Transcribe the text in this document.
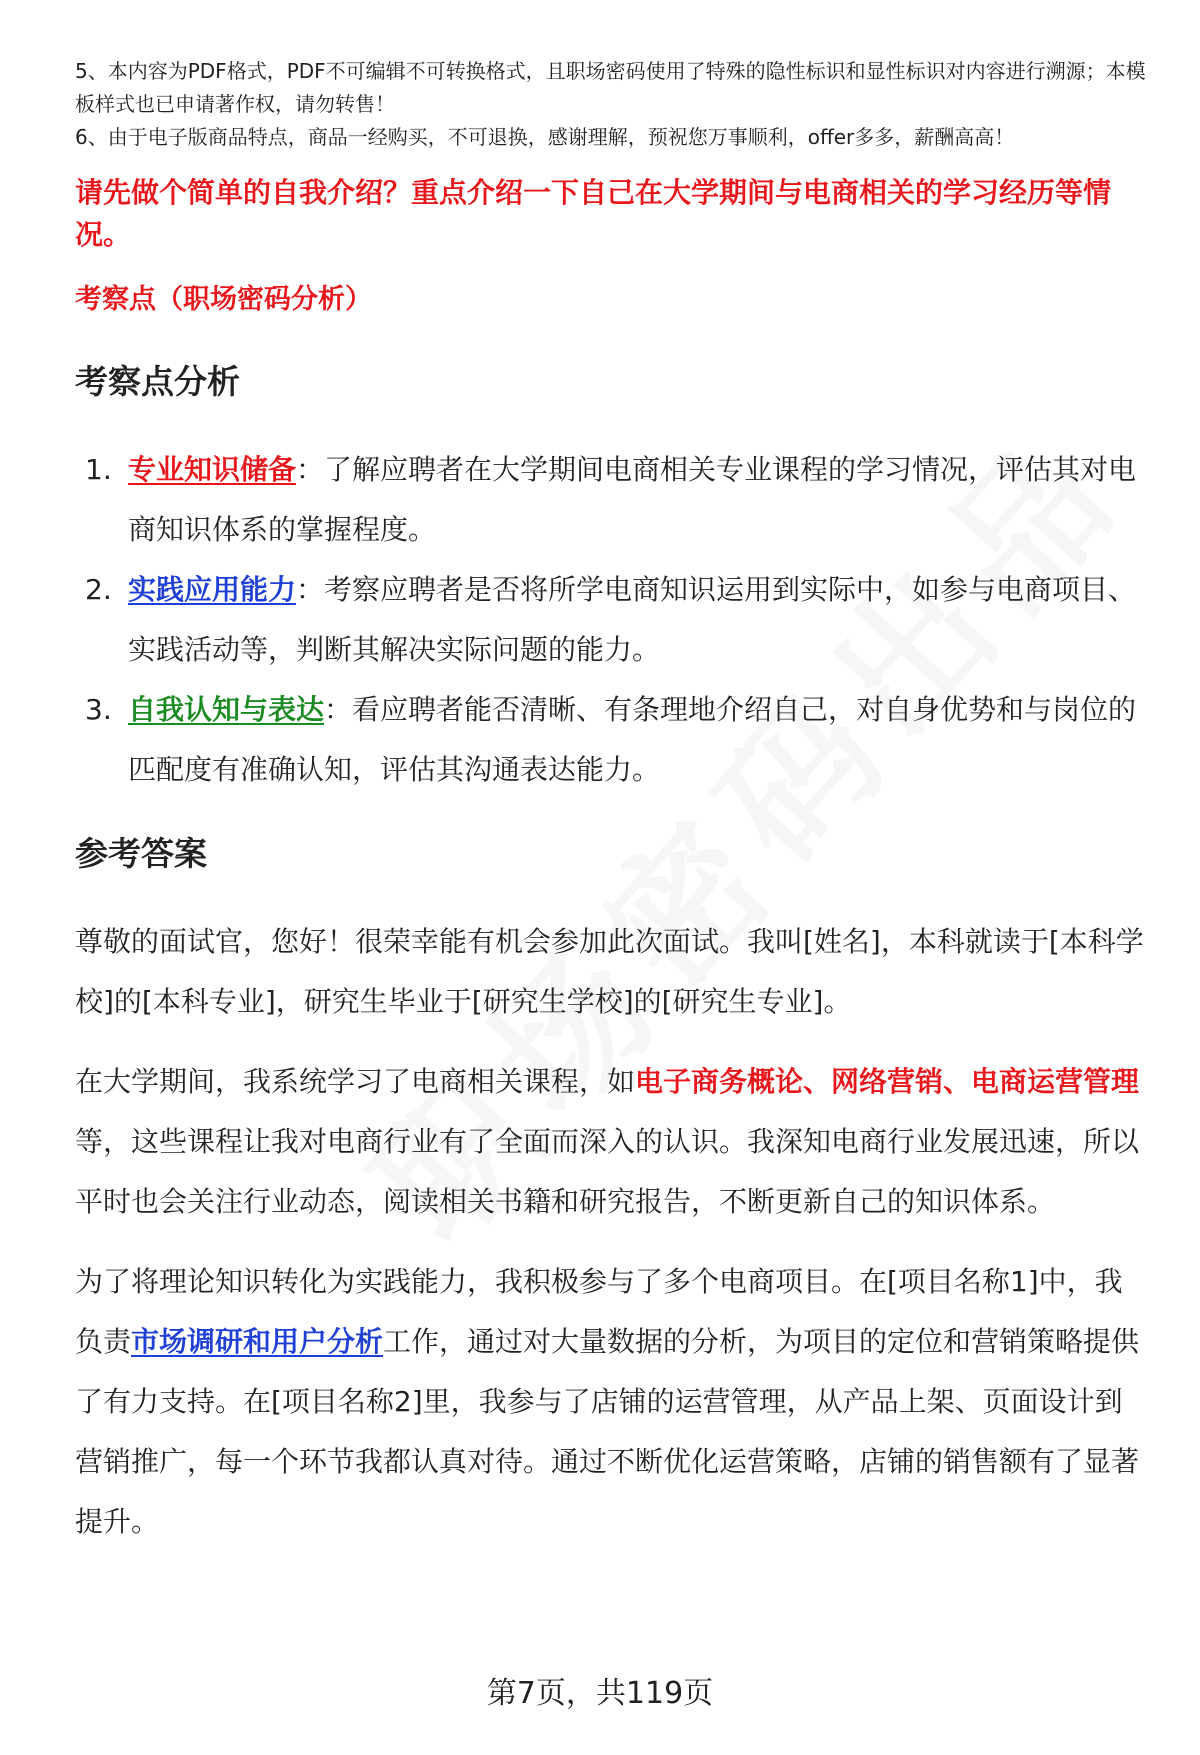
5、本内容为PDF格式，PDF不可编辑不可转换格式，且职场密码使用了特殊的隐性标识和显性标识对内容进行溯源；本模板样式也已申请著作权，请勿转售！

6、由于电子版商品特点，商品一经购买，不可退换，感谢理解，预祝您万事顺利，offer多多，薪酬高高！

请先做个简单的自我介绍？重点介绍一下自己在大学期间与电商相关的学习经历等情况。

考察点（职场密码分析）

考察点分析
1. 专业知识储备：了解应聘者在大学期间电商相关专业课程的学习情况，评估其对电商知识体系的掌握程度。
2. 实践应用能力：考察应聘者是否将所学电商知识运用到实际中，如参与电商项目、实践活动等，判断其解决实际问题的能力。
3. 自我认知与表达：看应聘者能否清晰、有条理地介绍自己，对自身优势和与岗位的匹配度有准确认知，评估其沟通表达能力。
参考答案

尊敬的面试官，您好！很荣幸能有机会参加此次面试。我叫[姓名]，本科就读于[本科学校]的[本科专业]，研究生毕业于[研究生学校]的[研究生专业]。

在大学期间，我系统学习了电商相关课程，如电子商务概论、网络营销、电商运营管理等，这些课程让我对电商行业有了全面而深入的认识。我深知电商行业发展迅速，所以平时也会关注行业动态，阅读相关书籍和研究报告，不断更新自己的知识体系。

为了将理论知识转化为实践能力，我积极参与了多个电商项目。在[项目名称1]中，我负责市场调研和用户分析工作，通过对大量数据的分析，为项目的定位和营销策略提供了有力支持。在[项目名称2]里，我参与了店铺的运营管理，从产品上架、页面设计到营销推广，每一个环节我都认真对待。通过不断优化运营策略，店铺的销售额有了显著提升。

第7页，共119页
